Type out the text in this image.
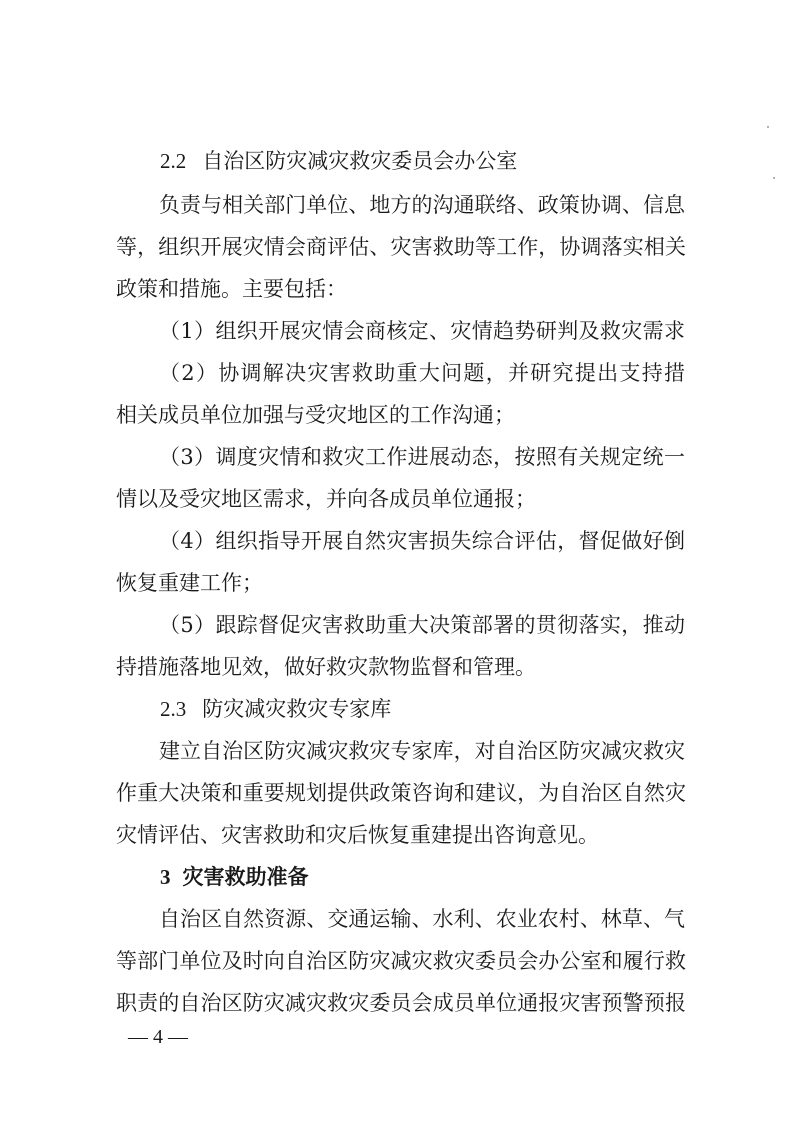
2.2 自治区防灾减灾救灾委员会办公室
负责与相关部门单位、地方的沟通联络、政策协调、信息
等，组织开展灾情会商评估、灾害救助等工作，协调落实相关
政策和措施。主要包括：
（1）组织开展灾情会商核定、灾情趋势研判及救灾需求
（2）协调解决灾害救助重大问题，并研究提出支持措
相关成员单位加强与受灾地区的工作沟通；
（3）调度灾情和救灾工作进展动态，按照有关规定统一
情以及受灾地区需求，并向各成员单位通报；
（4）组织指导开展自然灾害损失综合评估，督促做好倒
恢复重建工作；
（5）跟踪督促灾害救助重大决策部署的贯彻落实，推动
持措施落地见效，做好救灾款物监督和管理。
2.3 防灾减灾救灾专家库
建立自治区防灾减灾救灾专家库，对自治区防灾减灾救灾
作重大决策和重要规划提供政策咨询和建议，为自治区自然灾
灾情评估、灾害救助和灾后恢复重建提出咨询意见。
3 灾害救助准备
自治区自然资源、交通运输、水利、农业农村、林草、气
等部门单位及时向自治区防灾减灾救灾委员会办公室和履行救
职责的自治区防灾减灾救灾委员会成员单位通报灾害预警预报
— 4 —
